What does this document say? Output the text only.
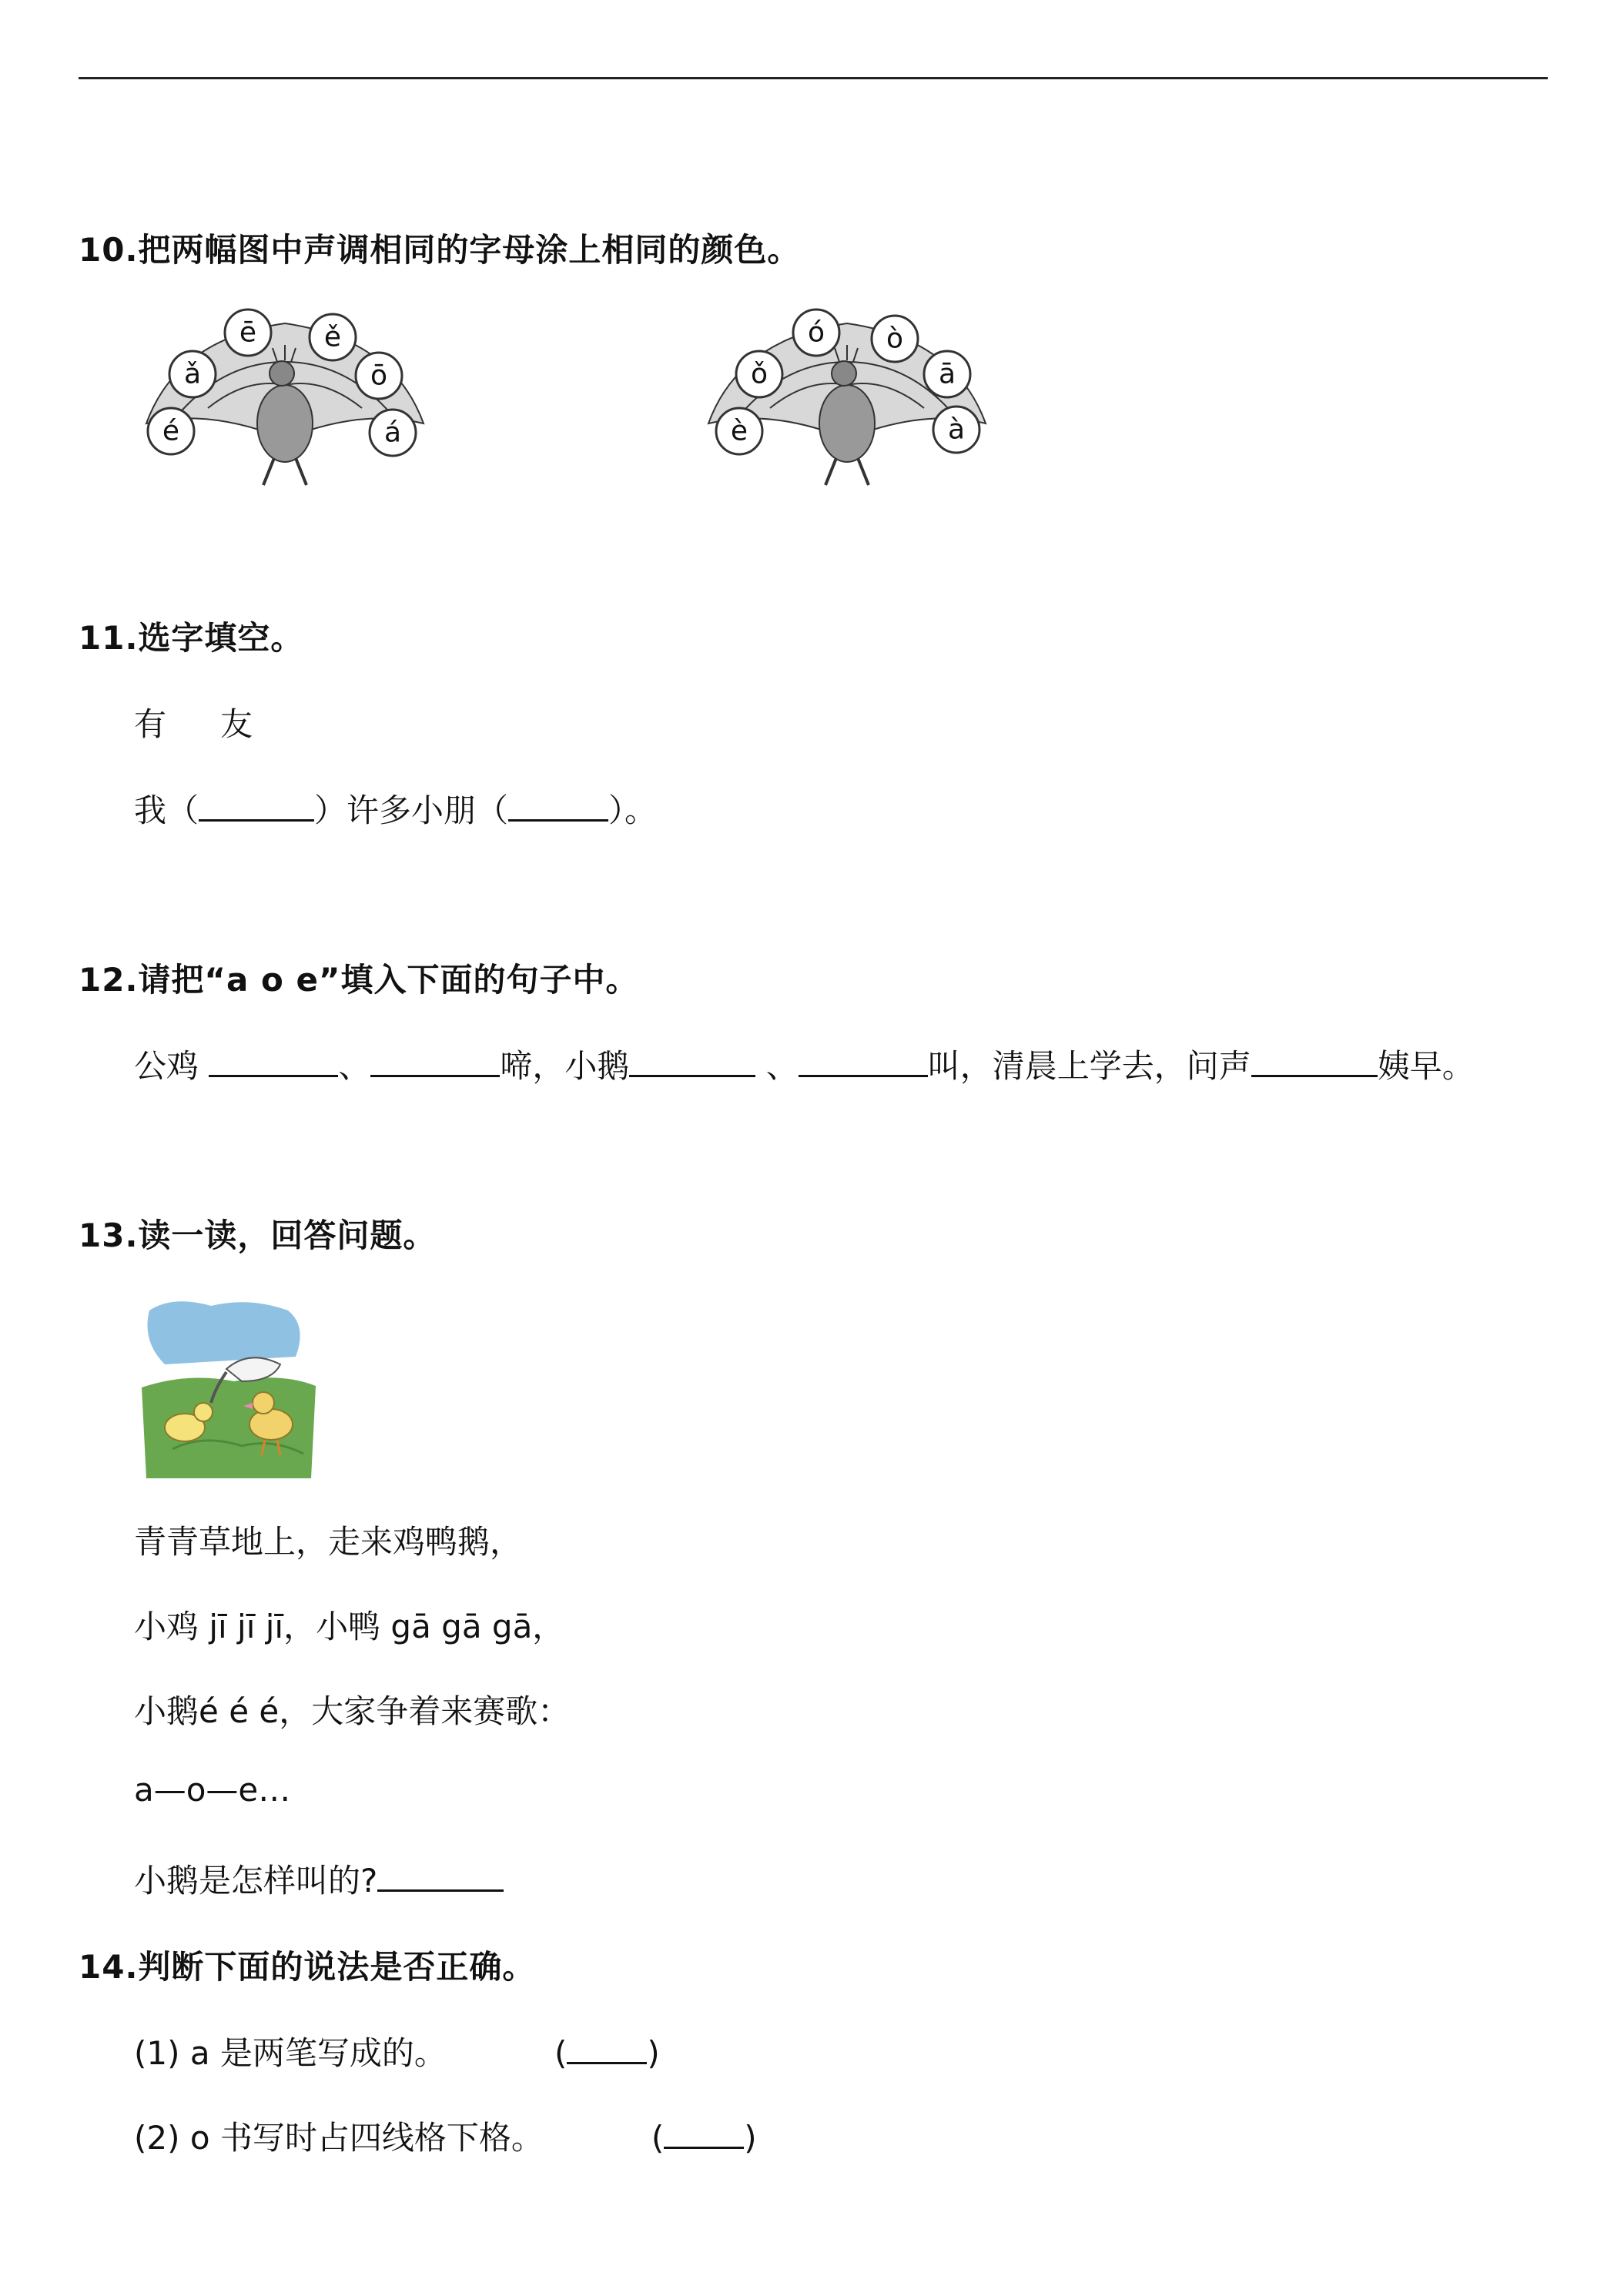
10.把两幅图中声调相同的字母涂上相同的颜色。
ē ě
ǎ	ō
é	á
ó ò
ǒ	ā
è	à
11.选字填空。
有 友
我（	）许多小朋（	）。
12.请把“a o e”填入下面的句子中。
公鸡	、	啼，小鹅	、	叫，清晨上学去，问声	姨早。
13.读一读，回答问题。
青青草地上，走来鸡鸭鹅，
小鸡 jī jī jī，小鸭 gā gā gā，
小鹅é é é，大家争着来赛歌：
a—o—e…
小鹅是怎样叫的?
14.判断下面的说法是否正确。
(1) a 是两笔写成的。	( )
(2) o 书写时占四线格下格。	( )
